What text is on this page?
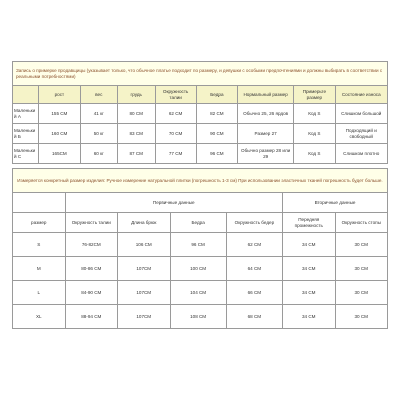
Запись о примерке продавщицы (указывает только, что обычное платье подходит по размеру, и девушки с особыми предпочтениями и должны выбирать в соответствии с реальными потребностями)								
	рост	вес	грудь	Окружность талии	Бедра	Нормальный размер	Примерьте размер	Состояние износа
Маленький А	155 СМ	41 кг	80 СМ	62 СМ	82 СМ	Обычно 25, 26 ярдов	Код S	Слишком большой
Маленький Б	160 СМ	50 кг	83 СМ	70 СМ	90 СМ	Размер 27	Код S	Подходящий и свободный
Маленький С	165СМ	60 кг	87 СМ	77 СМ	96 СМ	Обычно размер 28 или 29	Код S	Слишком плотно
Измеряется конкретный размер изделия: Ручное измерение натуральной плитки (погрешность 1-3 см) При использовании эластичных тканей погрешность будет больше.						
	Первичные данные				Вторичные данные	
размер	Окружность талии	Длина брюк	Бедра	Окружность бедер	Передняя промежность	Окружность стопы
S	76-82СМ	106 СМ	96 СМ	62 СМ	34 СМ	30 СМ
M	80-86 СМ	107СМ	100 СМ	64 СМ	34 СМ	30 СМ
L	84-90 СМ	107СМ	104 СМ	66 СМ	34 СМ	30 СМ
XL	88-94 СМ	107СМ	108 СМ	68 СМ	34 СМ	30 СМ
